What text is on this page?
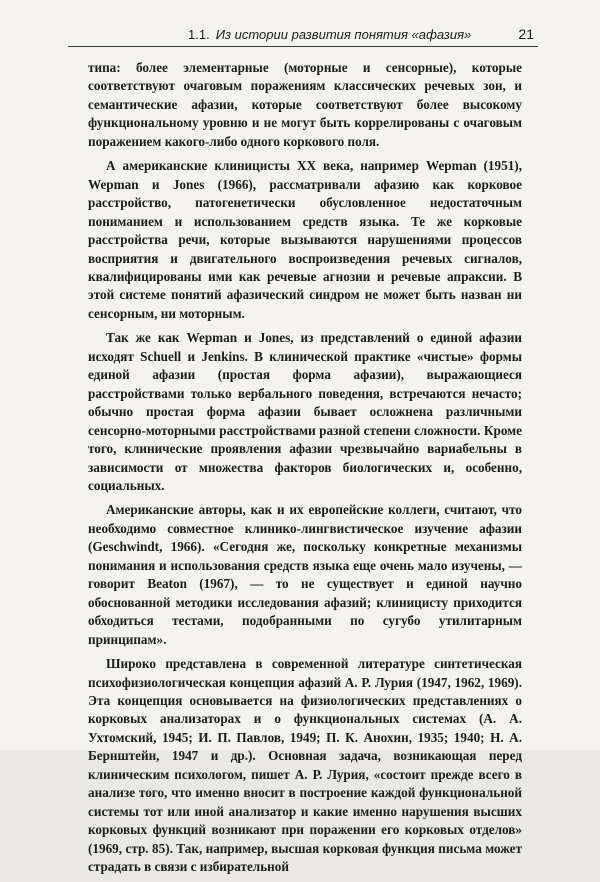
1.1. Из истории развития понятия «афазия»	21

типа: более элементарные (моторные и сенсорные), которые соответствуют очаговым поражениям классических речевых зон, и семантические афазии, которые соответствуют более высокому функциональному уровню и не могут быть коррелированы с очаговым поражением какого-либо одного коркового поля.

А американские клиницисты XX века, например Wepman (1951), Wepman и Jones (1966), рассматривали афазию как корковое расстройство, патогенетически обусловленное недостаточным пониманием и использованием средств языка. Те же корковые расстройства речи, которые вызываются нарушениями процессов восприятия и двигательного воспроизведения речевых сигналов, квалифицированы ими как речевые агнозии и речевые апраксии. В этой системе понятий афазический синдром не может быть назван ни сенсорным, ни моторным.

Так же как Wepman и Jones, из представлений о единой афазии исходят Schuell и Jenkins. В клинической практике «чистые» формы единой афазии (простая форма афазии), выражающиеся расстройствами только вербального поведения, встречаются нечасто; обычно простая форма афазии бывает осложнена различными сенсорно-моторными расстройствами разной степени сложности. Кроме того, клинические проявления афазии чрезвычайно вариабельны в зависимости от множества факторов биологических и, особенно, социальных.

Американские авторы, как и их европейские коллеги, считают, что необходимо совместное клинико-лингвистическое изучение афазии (Geschwindt, 1966). «Сегодня же, поскольку конкретные механизмы понимания и использования средств языка еще очень мало изучены, — говорит Beaton (1967), — то не существует и единой научно обоснованной методики исследования афазий; клиницисту приходится обходиться тестами, подобранными по сугубо утилитарным принципам».

Широко представлена в современной литературе синтетическая психофизиологическая концепция афазий А. Р. Лурия (1947, 1962, 1969). Эта концепция основывается на физиологических представлениях о корковых анализаторах и о функциональных системах (А. А. Ухтомский, 1945; И. П. Павлов, 1949; П. К. Анохин, 1935; 1940; Н. А. Бернштейн, 1947 и др.). Основная задача, возникающая перед клиническим психологом, пишет А. Р. Лурия, «состоит прежде всего в анализе того, что именно вносит в построение каждой функциональной системы тот или иной анализатор и какие именно нарушения высших корковых функций возникают при поражении его корковых отделов» (1969, стр. 85). Так, например, высшая корковая функция письма может страдать в связи с избирательной
